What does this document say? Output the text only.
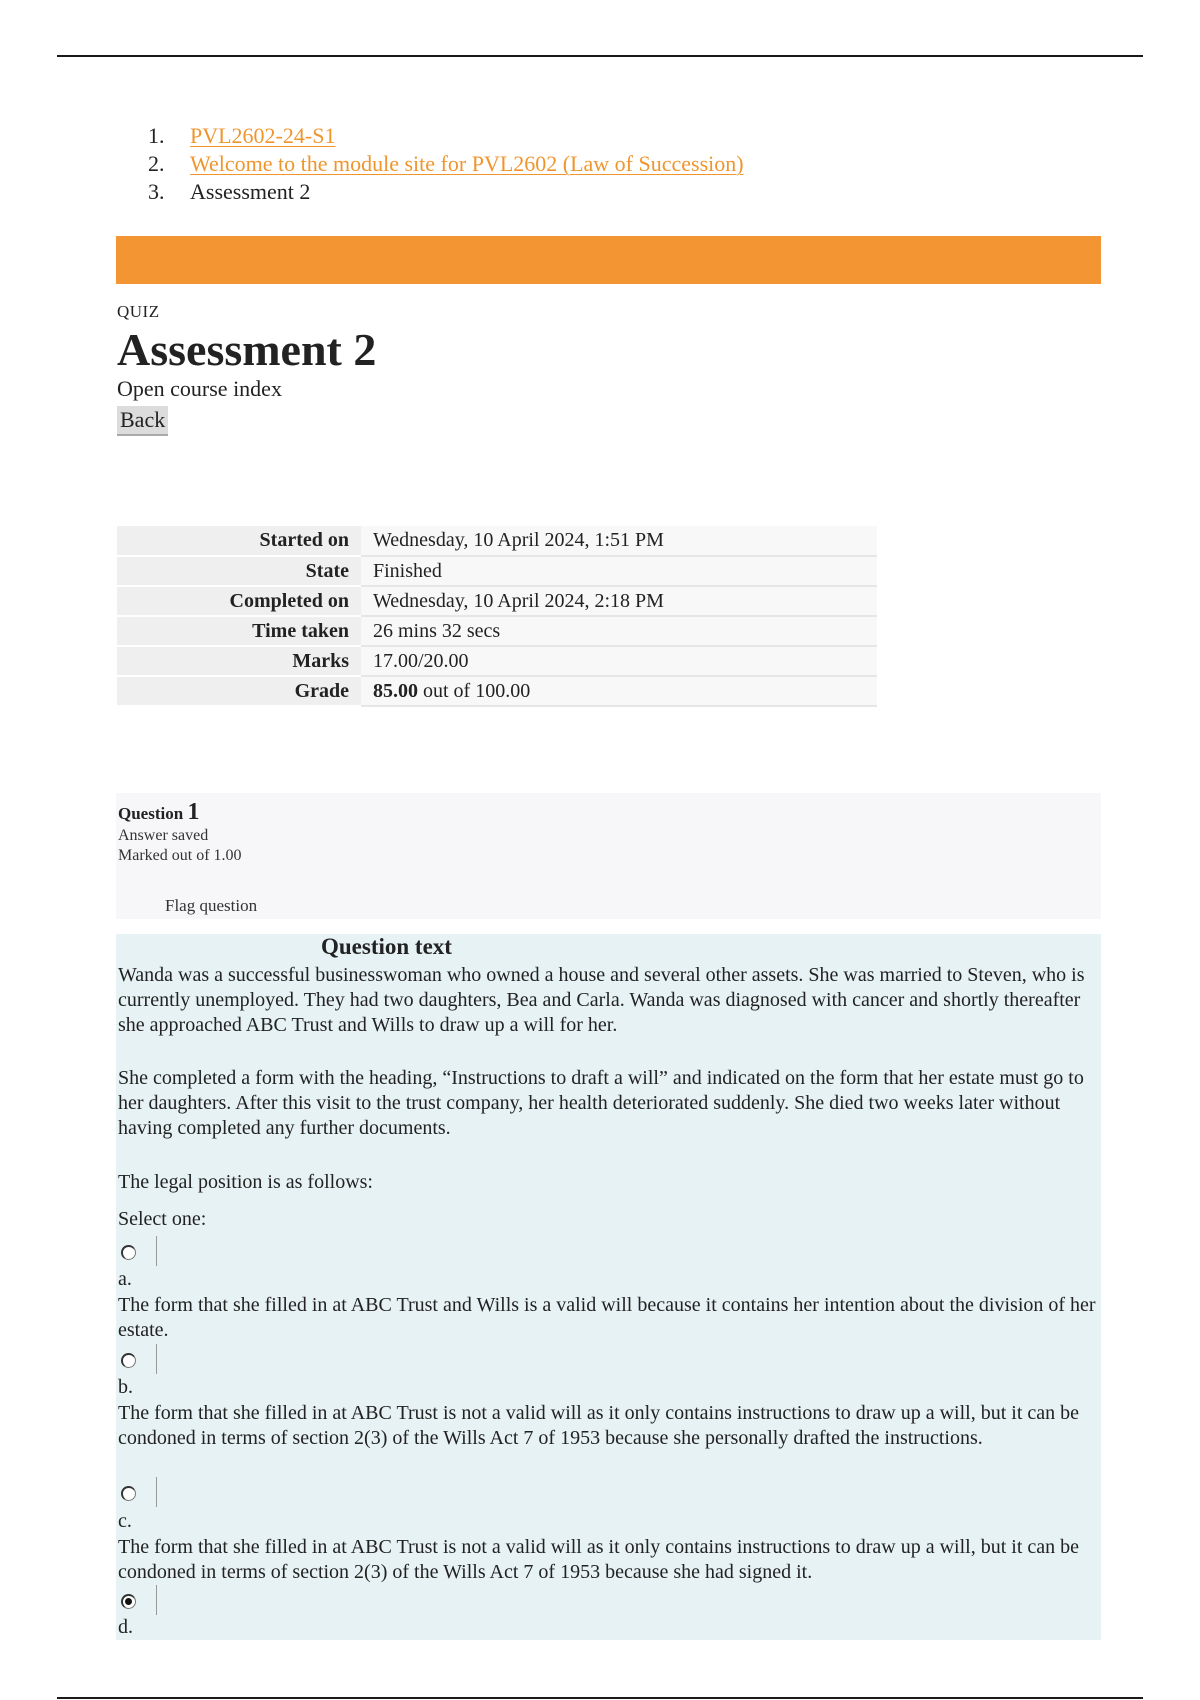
1.	PVL2602-24-S1
2.	Welcome to the module site for PVL2602 (Law of Succession)
3.	Assessment 2
QUIZ
Assessment 2
Open course index
Back
Started on	Wednesday, 10 April 2024, 1:51 PM
State	Finished
Completed on	Wednesday, 10 April 2024, 2:18 PM
Time taken	26 mins 32 secs
Marks	17.00/20.00
Grade	85.00 out of 100.00
Question 1
Answer saved
Marked out of 1.00
Flag question
Question text

Wanda was a successful businesswoman who owned a house and several other assets. She was married to Steven, who is currently unemployed. They had two daughters, Bea and Carla. Wanda was diagnosed with cancer and shortly thereafter she approached ABC Trust and Wills to draw up a will for her.

She completed a form with the heading, “Instructions to draft a will” and indicated on the form that her estate must go to her daughters. After this visit to the trust company, her health deteriorated suddenly. She died two weeks later without having completed any further documents.

The legal position is as follows:

Select one:
a.

The form that she filled in at ABC Trust and Wills is a valid will because it contains her intention about the division of her estate.

b.

The form that she filled in at ABC Trust is not a valid will as it only contains instructions to draw up a will, but it can be condoned in terms of section 2(3) of the Wills Act 7 of 1953 because she personally drafted the instructions.

c.

The form that she filled in at ABC Trust is not a valid will as it only contains instructions to draw up a will, but it can be condoned in terms of section 2(3) of the Wills Act 7 of 1953 because she had signed it.

d.
